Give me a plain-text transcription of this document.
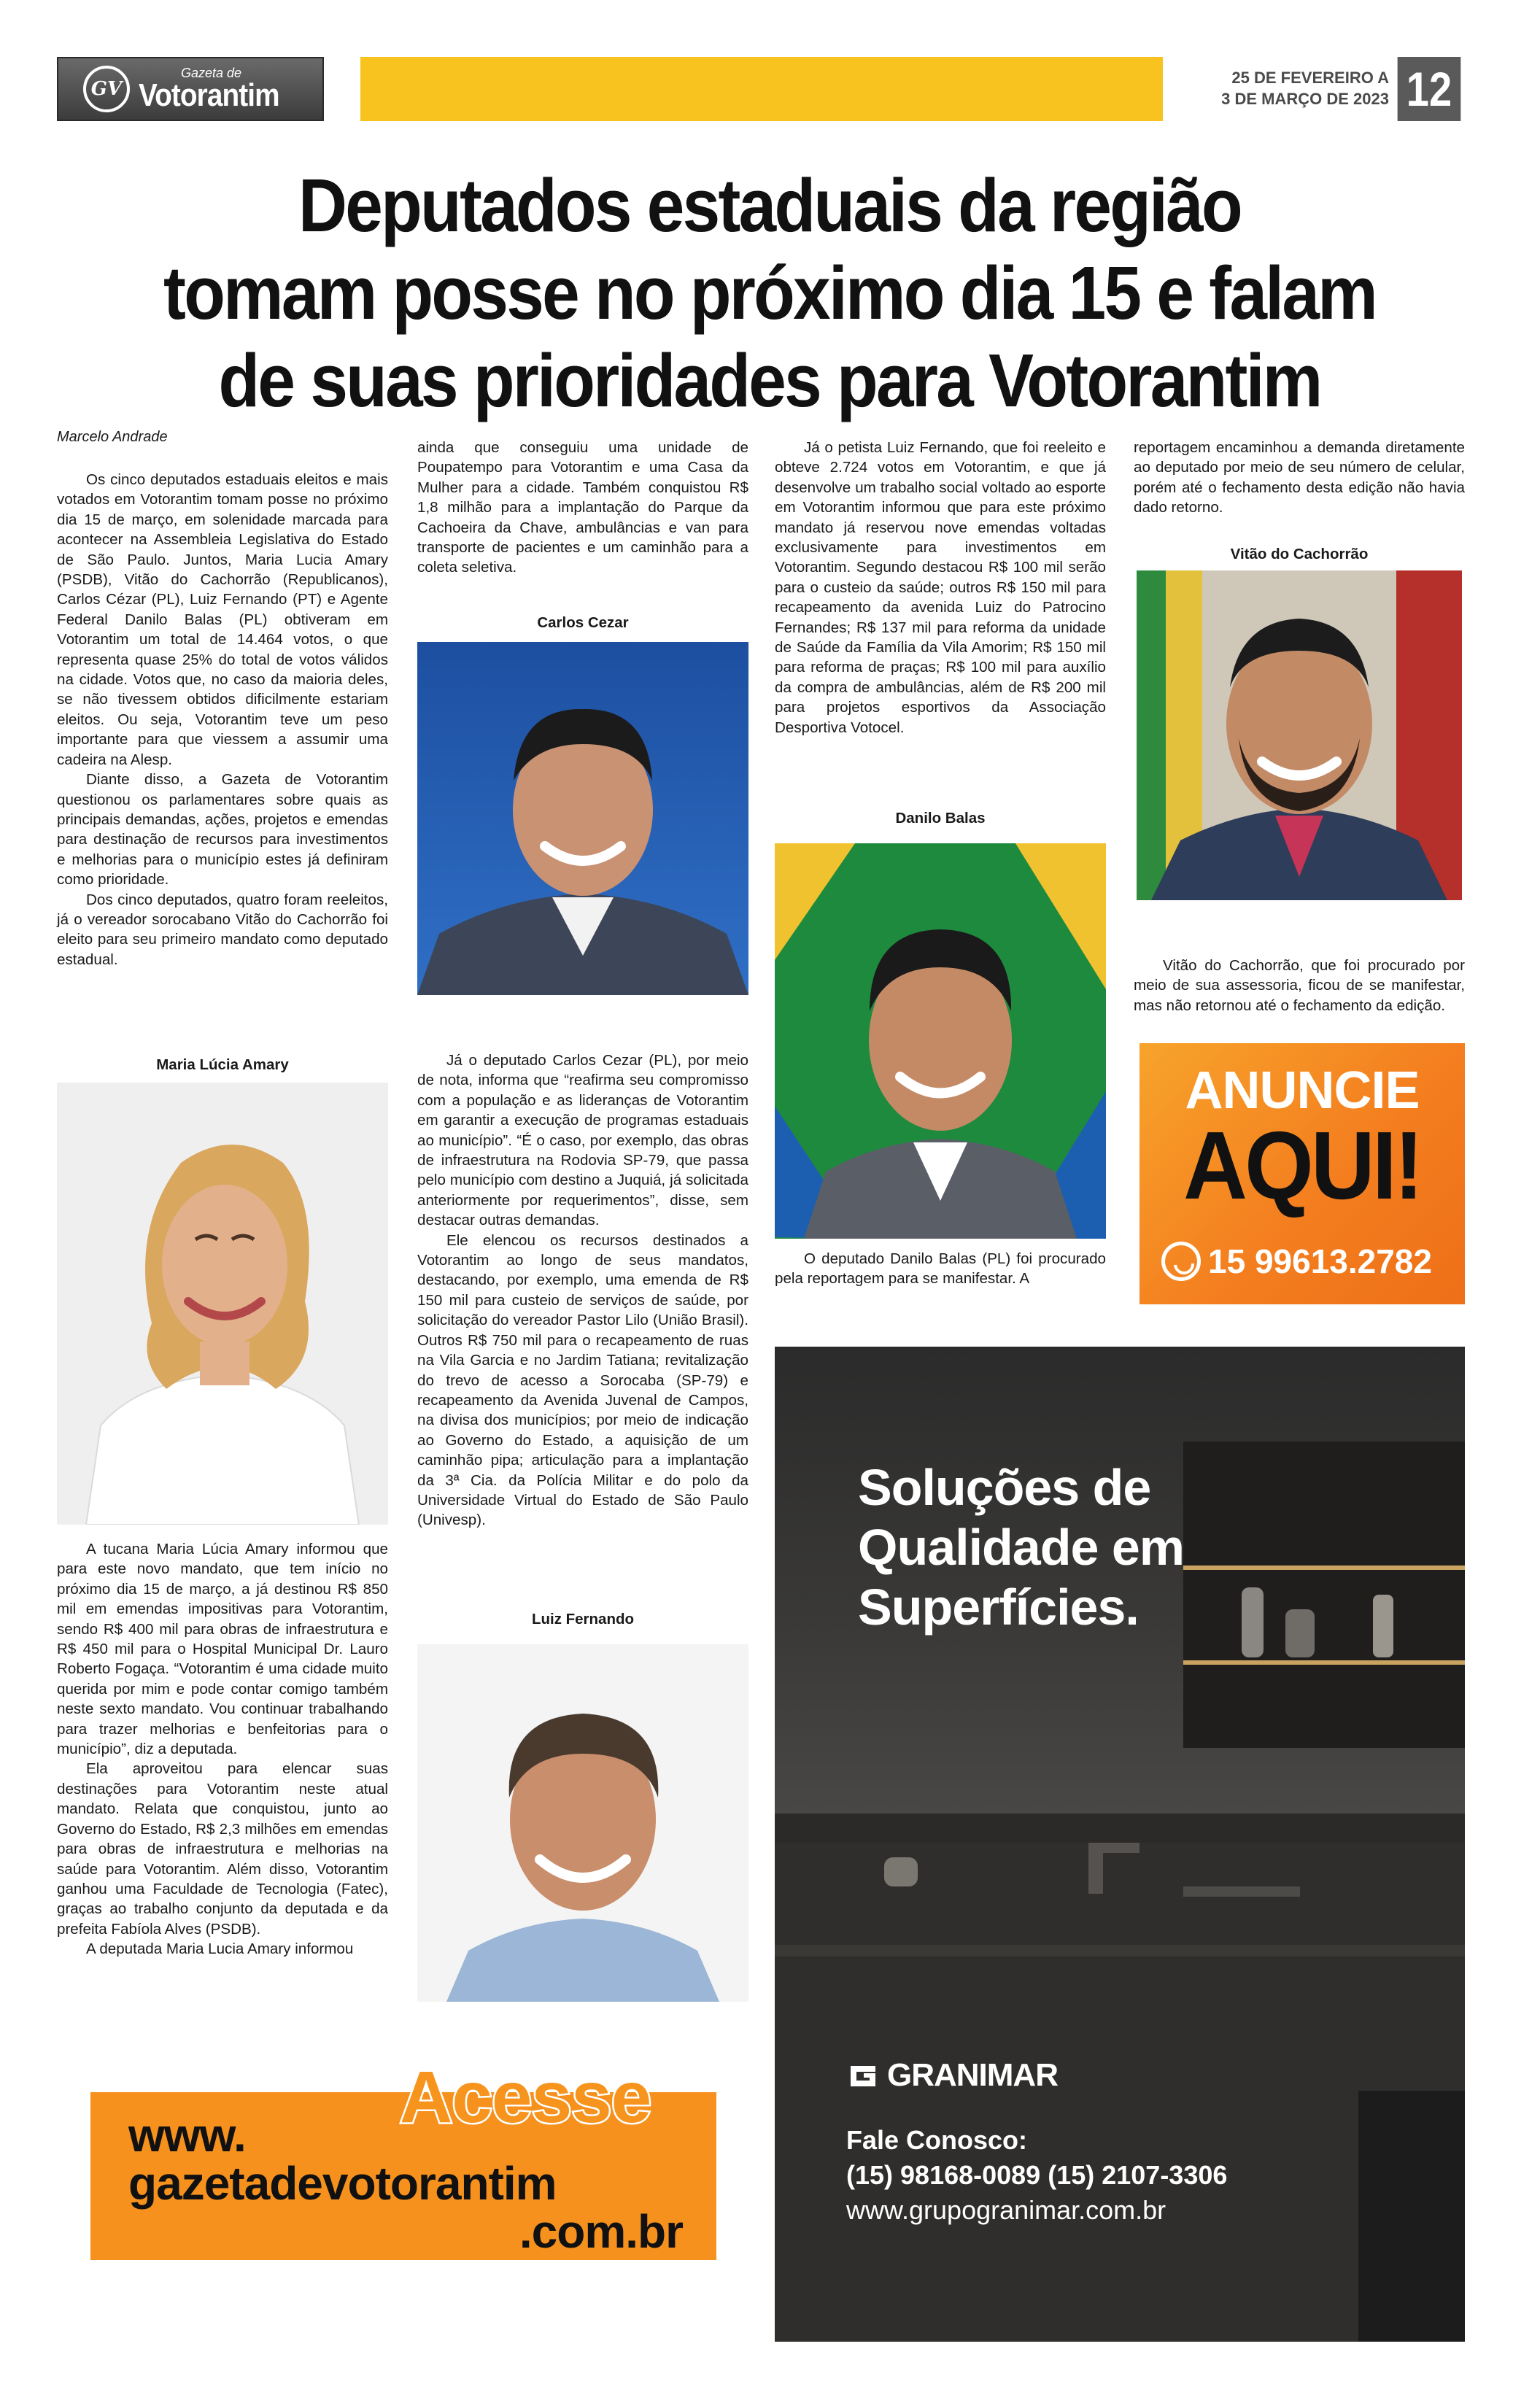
GV
Gazeta de
Votorantim	25 DE FEVEREIRO A
3 DE MARÇO DE 2023 12
Deputados estaduais da região
tomam posse no próximo dia 15 e falam
de suas prioridades para Votorantim
Marcelo Andrade

Os cinco deputados estaduais eleitos e mais votados em Votorantim tomam posse no próximo dia 15 de março, em solenidade marcada para acontecer na Assembleia Legislativa do Estado de São Paulo. Juntos, Maria Lucia Amary (PSDB), Vitão do Cachorrão (Republicanos), Carlos Cézar (PL), Luiz Fernando (PT) e Agente Federal Danilo Balas (PL) obtiveram em Votorantim um total de 14.464 votos, o que representa quase 25% do total de votos válidos na cidade. Votos que, no caso da maioria deles, se não tivessem obtidos dificilmente estariam eleitos. Ou seja, Votorantim teve um peso importante para que viessem a assumir uma cadeira na Alesp.

Diante disso, a Gazeta de Votorantim questionou os parlamentares sobre quais as principais demandas, ações, projetos e emendas para destinação de recursos para investimentos e melhorias para o município estes já definiram como prioridade.

Dos cinco deputados, quatro foram reeleitos, já o vereador sorocabano Vitão do Cachorrão foi eleito para seu primeiro mandato como deputado estadual.

Maria Lúcia Amary

A tucana Maria Lúcia Amary informou que para este novo mandato, que tem início no próximo dia 15 de março, a já destinou R$ 850 mil em emendas impositivas para Votorantim, sendo R$ 400 mil para obras de infraestrutura e R$ 450 mil para o Hospital Municipal Dr. Lauro Roberto Fogaça. “Votorantim é uma cidade muito querida por mim e pode contar comigo também neste sexto mandato. Vou continuar trabalhando para trazer melhorias e benfeitorias para o município”, diz a deputada.

Ela aproveitou para elencar suas destinações para Votorantim neste atual mandato. Relata que conquistou, junto ao Governo do Estado, R$ 2,3 milhões em emendas para obras de infraestrutura e melhorias na saúde para Votorantim. Além disso, Votorantim ganhou uma Faculdade de Tecnologia (Fatec), graças ao trabalho conjunto da deputada e da prefeita Fabíola Alves (PSDB).

A deputada Maria Lucia Amary informou

ainda que conseguiu uma unidade de Poupatempo para Votorantim e uma Casa da Mulher para a cidade. Também conquistou R$ 1,8 milhão para a implantação do Parque da Cachoeira da Chave, ambulâncias e van para transporte de pacientes e um caminhão para a coleta seletiva.

Carlos Cezar

Já o deputado Carlos Cezar (PL), por meio de nota, informa que “reafirma seu compromisso com a população e as lideranças de Votorantim em garantir a execução de programas estaduais ao município”. “É o caso, por exemplo, das obras de infraestrutura na Rodovia SP-79, que passa pelo município com destino a Juquiá, já solicitada anteriormente por requerimentos”, disse, sem destacar outras demandas.

Ele elencou os recursos destinados a Votorantim ao longo de seus mandatos, destacando, por exemplo, uma emenda de R$ 150 mil para custeio de serviços de saúde, por solicitação do vereador Pastor Lilo (União Brasil). Outros R$ 750 mil para o recapeamento de ruas na Vila Garcia e no Jardim Tatiana; revitalização do trevo de acesso a Sorocaba (SP-79) e recapeamento da Avenida Juvenal de Campos, na divisa dos municípios; por meio de indicação ao Governo do Estado, a aquisição de um caminhão pipa; articulação para a implantação da 3ª Cia. da Polícia Militar e do polo da Universidade Virtual do Estado de São Paulo (Univesp).

Luiz Fernando

Já o petista Luiz Fernando, que foi reeleito e obteve 2.724 votos em Votorantim, e que já desenvolve um trabalho social voltado ao esporte em Votorantim informou que para este próximo mandato já reservou nove emendas voltadas exclusivamente para investimentos em Votorantim. Segundo destacou R$ 100 mil serão para o custeio da saúde; outros R$ 150 mil para recapeamento da avenida Luiz do Patrocino Fernandes; R$ 137 mil para reforma da unidade de Saúde da Família da Vila Amorim; R$ 150 mil para reforma de praças; R$ 100 mil para auxílio da compra de ambulâncias, além de R$ 200 mil para projetos esportivos da Associação Desportiva Votocel.

Danilo Balas

O deputado Danilo Balas (PL) foi procurado pela reportagem para se manifestar. A

reportagem encaminhou a demanda diretamente ao deputado por meio de seu número de celular, porém até o fechamento desta edição não havia dado retorno.

Vitão do Cachorrão

Vitão do Cachorrão, que foi procurado por meio de sua assessoria, ficou de se manifestar, mas não retornou até o fechamento da edição.

ANUNCIE
AQUI!
15 99613.2782
Soluções de
Qualidade em
Superfícies.
GRANIMAR
Fale Conosco:
(15) 98168-0089 (15) 2107-3306
www.grupogranimar.com.br
Acesse
www.
gazetadevotorantim
.com.br
